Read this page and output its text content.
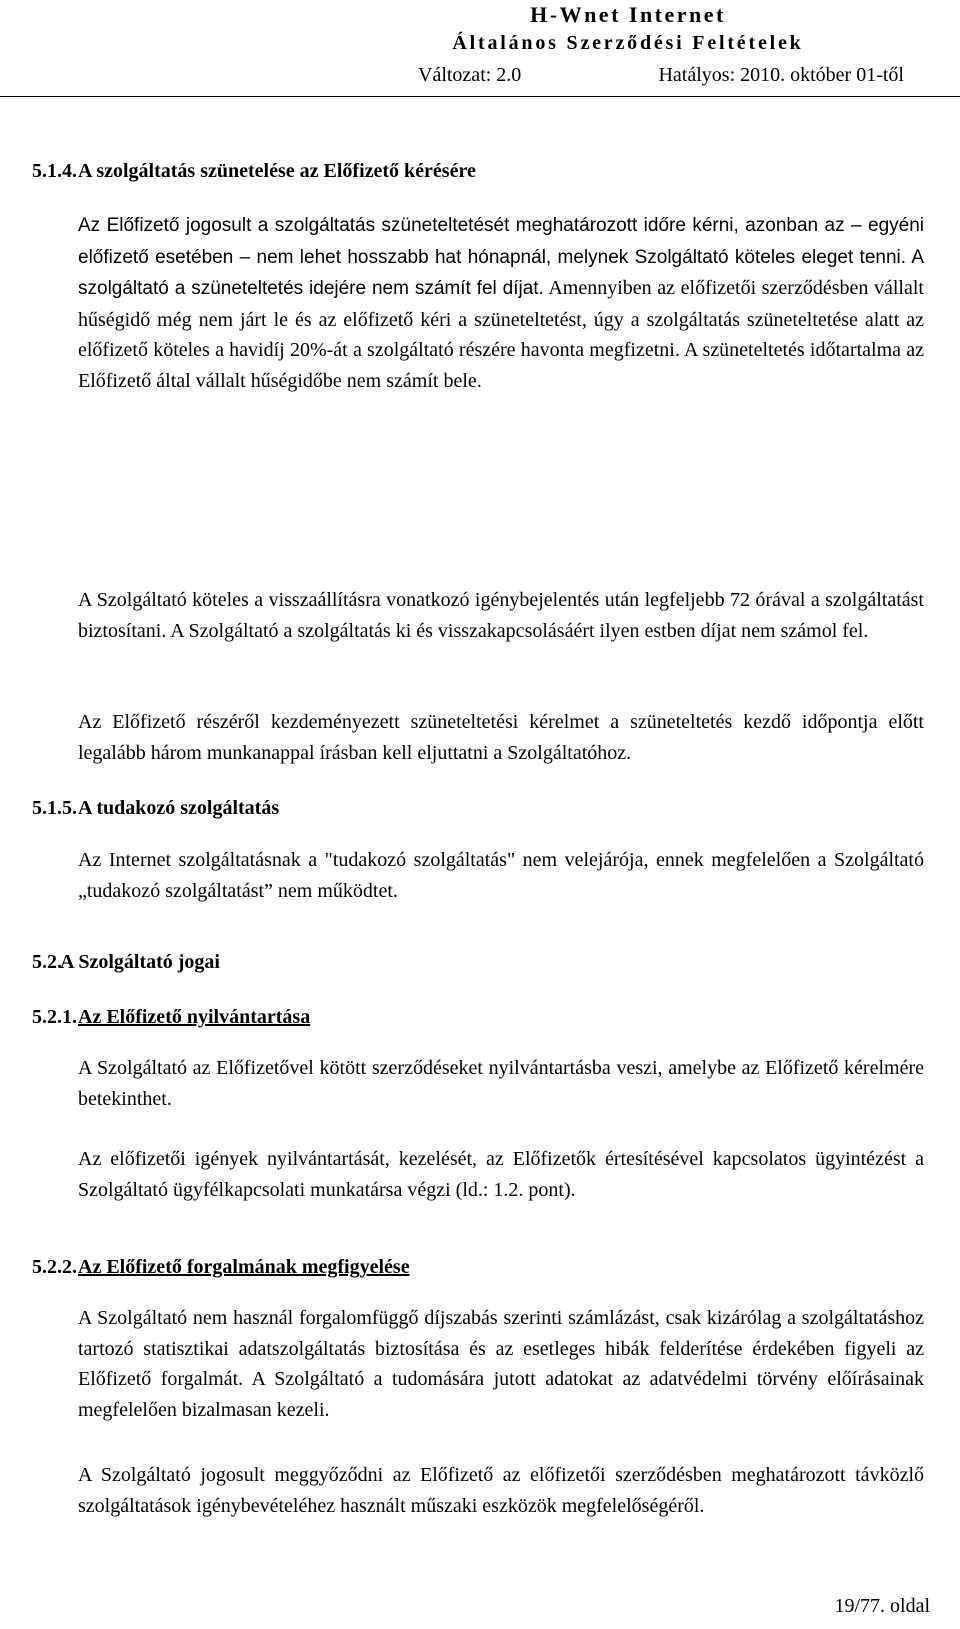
H-Wnet Internet
Általános Szerződési Feltételek
Változat: 2.0	Hatályos: 2010. október 01-től
5.1.4. A szolgáltatás szünetelése az Előfizető kérésére
Az Előfizető jogosult a szolgáltatás szüneteltetését meghatározott időre kérni, azonban az – egyéni előfizető esetében – nem lehet hosszabb hat hónapnál, melynek Szolgáltató köteles eleget tenni. A szolgáltató a szüneteltetés idejére nem számít fel díjat. Amennyiben az előfizetői szerződésben vállalt hűségidő még nem járt le és az előfizető kéri a szüneteltetést, úgy a szolgáltatás szüneteltetése alatt az előfizető köteles a havidíj 20%-át a szolgáltató részére havonta megfizetni. A szüneteltetés időtartalma az Előfizető által vállalt hűségidőbe nem számít bele.
A Szolgáltató köteles a visszaállításra vonatkozó igénybejelentés után legfeljebb 72 órával a szolgáltatást biztosítani. A Szolgáltató a szolgáltatás ki és visszakapcsolásáért ilyen estben díjat nem számol fel.
Az Előfizető részéről kezdeményezett szüneteltetési kérelmet a szüneteltetés kezdő időpontja előtt legalább három munkanappal írásban kell eljuttatni a Szolgáltatóhoz.
5.1.5. A tudakozó szolgáltatás
Az Internet szolgáltatásnak a "tudakozó szolgáltatás" nem velejárója, ennek megfelelően a Szolgáltató „tudakozó szolgáltatást” nem működtet.
5.2.
A Szolgáltató jogai
5.2.1. Az Előfizető nyilvántartása
A Szolgáltató az Előfizetővel kötött szerződéseket nyilvántartásba veszi, amelybe az Előfizető kérelmére betekinthet.
Az előfizetői igények nyilvántartását, kezelését, az Előfizetők értesítésével kapcsolatos ügyintézést a Szolgáltató ügyfélkapcsolati munkatársa végzi (ld.: 1.2. pont).
5.2.2. Az Előfizető forgalmának megfigyelése
A Szolgáltató nem használ forgalomfüggő díjszabás szerinti számlázást, csak kizárólag a szolgáltatáshoz tartozó statisztikai adatszolgáltatás biztosítása és az esetleges hibák felderítése érdekében figyeli az Előfizető forgalmát. A Szolgáltató a tudomására jutott adatokat az adatvédelmi törvény előírásainak megfelelően bizalmasan kezeli.
A Szolgáltató jogosult meggyőződni az Előfizető az előfizetői szerződésben meghatározott távközlő szolgáltatások igénybevételéhez használt műszaki eszközök megfelelőségéről.
19/77. oldal
